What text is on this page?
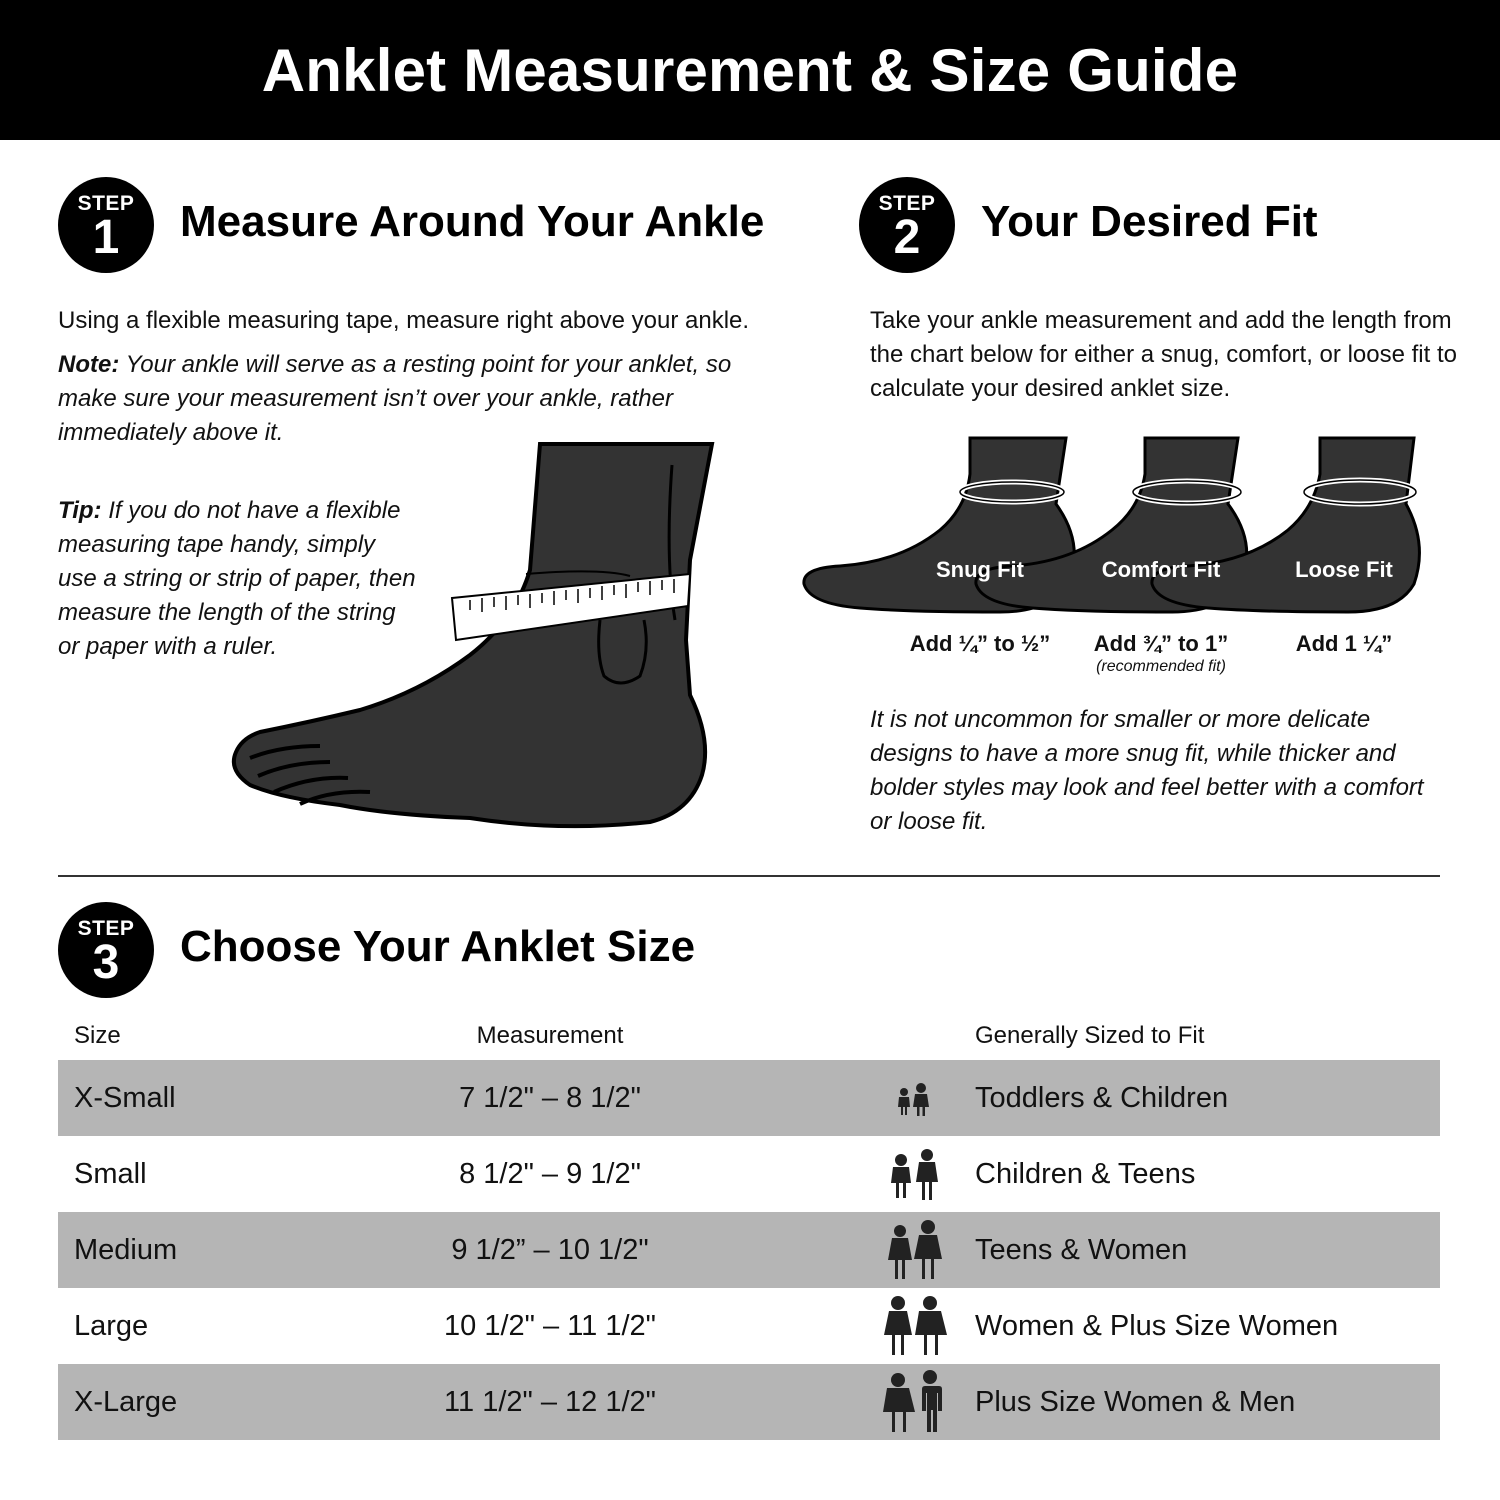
Anklet Measurement & Size Guide
STEP
1 Measure Around Your Ankle
Using a flexible measuring tape, measure right above your ankle.
Note: Your ankle will serve as a resting point for your anklet, so make sure your measurement isn’t over your ankle, rather immediately above it.
Tip: If you do not have a flexible measuring tape handy, simply use a string or strip of paper, then measure the length of the string or paper with a ruler.
STEP
2 Your Desired Fit
Take your ankle measurement and add the length from the chart below for either a snug, comfort, or loose fit to calculate your desired anklet size.
Snug Fit	Comfort Fit	Loose Fit
Add ¼” to ½”	Add ¾” to 1”
(recommended fit)
Add 1 ¼”
It is not uncommon for smaller or more delicate designs to have a more snug fit, while thicker and bolder styles may look and feel better with a comfort or loose fit.
STEP
3 Choose Your Anklet Size
Size	Measurement	Generally Sized to Fit
X-Small	7 1/2" – 8 1/2"	Toddlers & Children
Small	8 1/2" – 9 1/2"	Children & Teens
Medium	9 1/2” – 10 1/2"	Teens & Women
Large	10 1/2" – 11 1/2"	Women & Plus Size Women
X-Large	11 1/2" – 12 1/2"	Plus Size Women & Men
